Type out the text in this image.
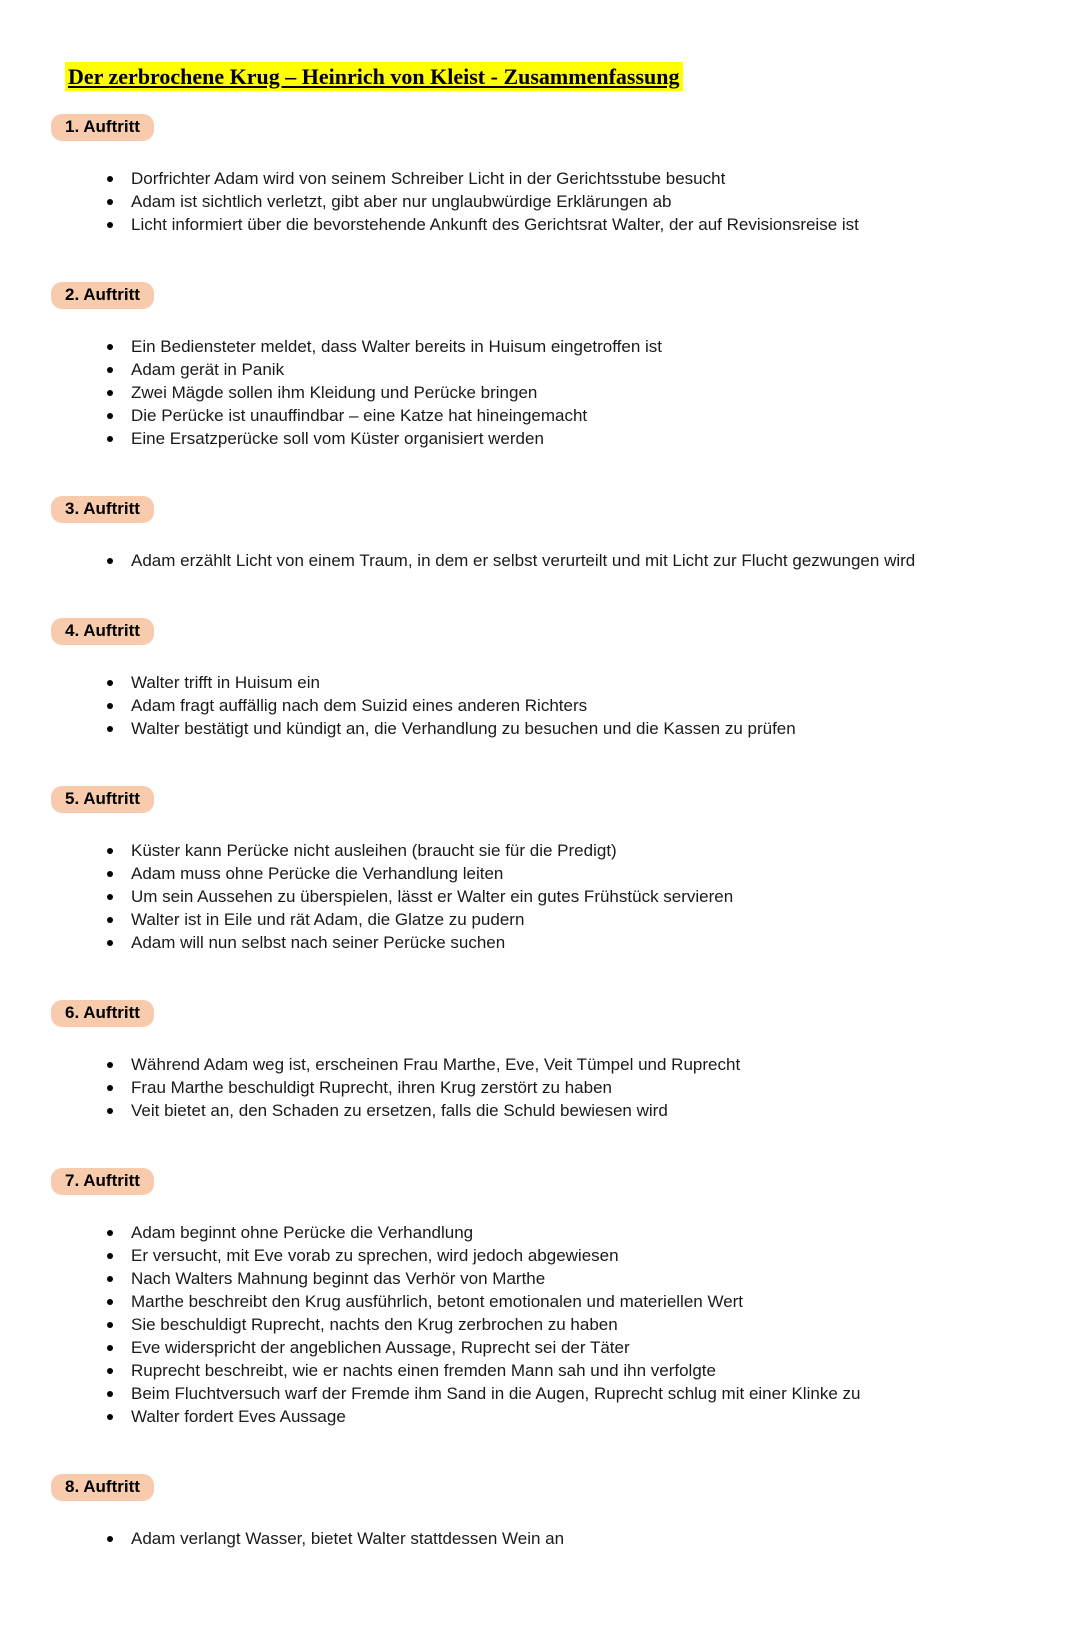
Der zerbrochene Krug – Heinrich von Kleist - Zusammenfassung
1. Auftritt
Dorfrichter Adam wird von seinem Schreiber Licht in der Gerichtsstube besucht
Adam ist sichtlich verletzt, gibt aber nur unglaubwürdige Erklärungen ab
Licht informiert über die bevorstehende Ankunft des Gerichtsrat Walter, der auf Revisionsreise ist
2. Auftritt
Ein Bediensteter meldet, dass Walter bereits in Huisum eingetroffen ist
Adam gerät in Panik
Zwei Mägde sollen ihm Kleidung und Perücke bringen
Die Perücke ist unauffindbar – eine Katze hat hineingemacht
Eine Ersatzperücke soll vom Küster organisiert werden
3. Auftritt
Adam erzählt Licht von einem Traum, in dem er selbst verurteilt und mit Licht zur Flucht gezwungen wird
4. Auftritt
Walter trifft in Huisum ein
Adam fragt auffällig nach dem Suizid eines anderen Richters
Walter bestätigt und kündigt an, die Verhandlung zu besuchen und die Kassen zu prüfen
5. Auftritt
Küster kann Perücke nicht ausleihen (braucht sie für die Predigt)
Adam muss ohne Perücke die Verhandlung leiten
Um sein Aussehen zu überspielen, lässt er Walter ein gutes Frühstück servieren
Walter ist in Eile und rät Adam, die Glatze zu pudern
Adam will nun selbst nach seiner Perücke suchen
6. Auftritt
Während Adam weg ist, erscheinen Frau Marthe, Eve, Veit Tümpel und Ruprecht
Frau Marthe beschuldigt Ruprecht, ihren Krug zerstört zu haben
Veit bietet an, den Schaden zu ersetzen, falls die Schuld bewiesen wird
7. Auftritt
Adam beginnt ohne Perücke die Verhandlung
Er versucht, mit Eve vorab zu sprechen, wird jedoch abgewiesen
Nach Walters Mahnung beginnt das Verhör von Marthe
Marthe beschreibt den Krug ausführlich, betont emotionalen und materiellen Wert
Sie beschuldigt Ruprecht, nachts den Krug zerbrochen zu haben
Eve widerspricht der angeblichen Aussage, Ruprecht sei der Täter
Ruprecht beschreibt, wie er nachts einen fremden Mann sah und ihn verfolgte
Beim Fluchtversuch warf der Fremde ihm Sand in die Augen, Ruprecht schlug mit einer Klinke zu
Walter fordert Eves Aussage
8. Auftritt
Adam verlangt Wasser, bietet Walter stattdessen Wein an
